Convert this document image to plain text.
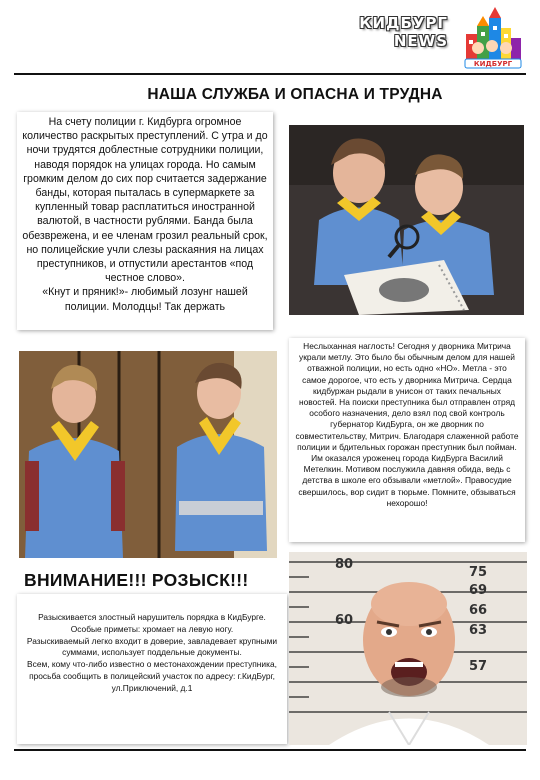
КИДБУРГ
NEWS
КИДБУРГ
НАША СЛУЖБА И ОПАСНА И ТРУДНА
На счету полиции г. Кидбурга огромное количество раскрытых преступлений. С утра и до ночи трудятся доблестные сотрудники полиции, наводя порядок на улицах города. Но самым громким делом до сих пор считается задержание банды, которая пыталась в супермаркете за купленный товар расплатиться иностранной валютой, в частности рублями. Банда была обезврежена, и ее членам грозил реальный срок, но полицейские учли слезы раскаяния на лицах преступников, и отпустили арестантов «под честное слово».
«Кнут и пряник!»- любимый лозунг нашей полиции. Молодцы! Так держать
Неслыханная наглость! Сегодня у дворника Митрича украли метлу. Это было бы обычным делом для нашей отважной полиции, но есть одно «НО». Метла - это самое дорогое, что есть у дворника Митрича. Сердца кидбуржан рыдали в унисон от таких печальных новостей. На поиски преступника был отправлен отряд особого назначения, дело взял под свой контроль губернатор КидБурга, он же дворник по совместительству, Митрич. Благодаря слаженной работе полиции и бдительных горожан преступник был пойман. Им оказался уроженец города КидБурга Василий Метелкин. Мотивом послужила давняя обида, ведь с детства в школе его обзывали «метлой». Правосудие свершилось, вор сидит в тюрьме. Помните, обзываться нехорошо!
ВНИМАНИЕ!!! РОЗЫСК!!!
Разыскивается злостный нарушитель порядка в КидБурге.
Особые приметы: хромает на левую ногу.
Разыскиваемый легко входит в доверие, завладевает крупными суммами, использует поддельные документы.
Всем, кому что-либо известно о местонахождении преступника, просьба сообщить в полицейский участок по адресу: г.КидБург, ул.Приключений, д.1
80
75
69
66
63
60
57
